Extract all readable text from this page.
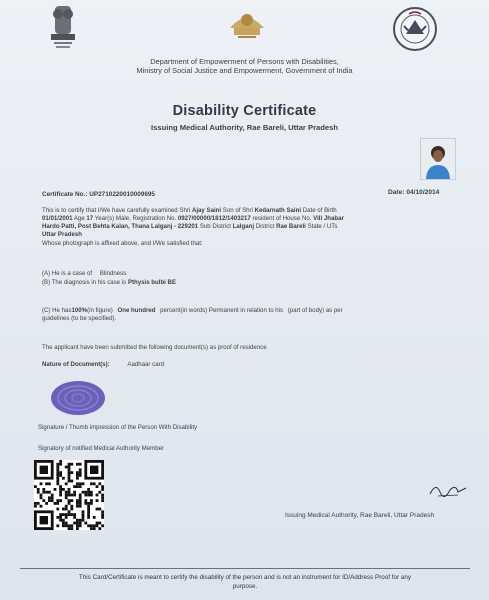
Department of Empowerment of Persons with Disabilities,
Ministry of Social Justice and Empowerment, Government of India
Disability Certificate
Issuing Medical Authority, Rae Bareli, Uttar Pradesh
Certificate No.: UP2710220010009695	Date: 04/10/2014
This is to certify that I/We have carefully examined Shri Ajay Saini Son of Shri Kedarnath Saini Date of Birth
01/01/2001 Age 17 Year(s) Male, Registration No. 0927/00000/1812/1403217 resident of House No. Vill Jhabar
Hardo Patti, Post Behta Kalan, Thana Lalganj - 229201 Sub District Lalganj District Rae Bareli State / UTs
Uttar Pradesh
Whose photograph is affixed above, and I/We satisfied that:
(A) He is a case of Blindness
(B) The diagnosis in his case is Pthysis bulbi BE
(C) He has100%(in figure) One hundred percent(in words) Permanent in relation to his (part of body) as per
guidelines (to be specified).
The applicant have been submitted the following document(s) as proof of residence
Nature of Document(s):	Aadhaar card
Signature / Thumb impression of the Person With Disability
Signatory of notified Medical Authority Member
Issuing Medical Authority, Rae Bareli, Uttar Pradesh
This Card/Certificate is meant to certify the disability of the person and is not an instrument for ID/Address Proof for any
purpose.
